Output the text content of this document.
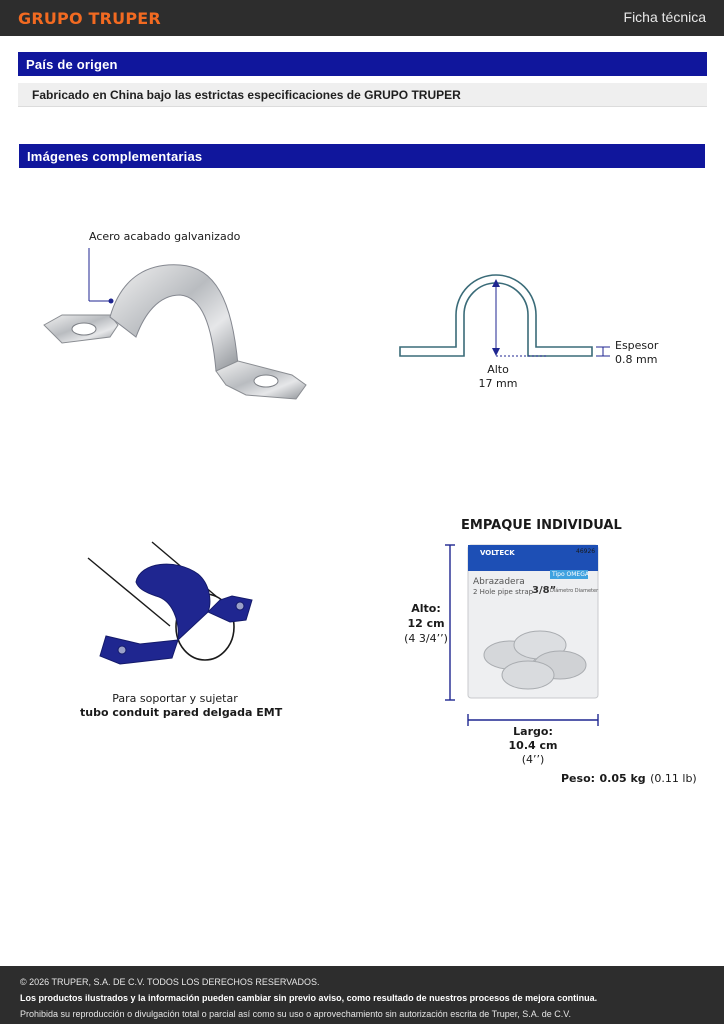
GRUPO TRUPER	Ficha técnica
País de origen
Fabricado en China bajo las estrictas especificaciones de GRUPO TRUPER
Imágenes complementarias
Acero acabado galvanizado
Alto
17 mm
Espesor
0.8 mm
Para soportar y sujetar
tubo conduit pared delgada EMT
EMPAQUE INDIVIDUAL
VOLTECK	46926
Tipo OMEGA
Abrazadera
2 Hole pipe strap
3/8”
Diámetro Diameter
Alto:
12 cm
(4 3/4’’)
Largo:
10.4 cm
(4’’)
Peso: 0.05 kg (0.11 lb)
© 2026 TRUPER, S.A. DE C.V. TODOS LOS DERECHOS RESERVADOS.
Los productos ilustrados y la información pueden cambiar sin previo aviso, como resultado de nuestros procesos de mejora continua.
Prohibida su reproducción o divulgación total o parcial así como su uso o aprovechamiento sin autorización escrita de Truper, S.A. de C.V.
